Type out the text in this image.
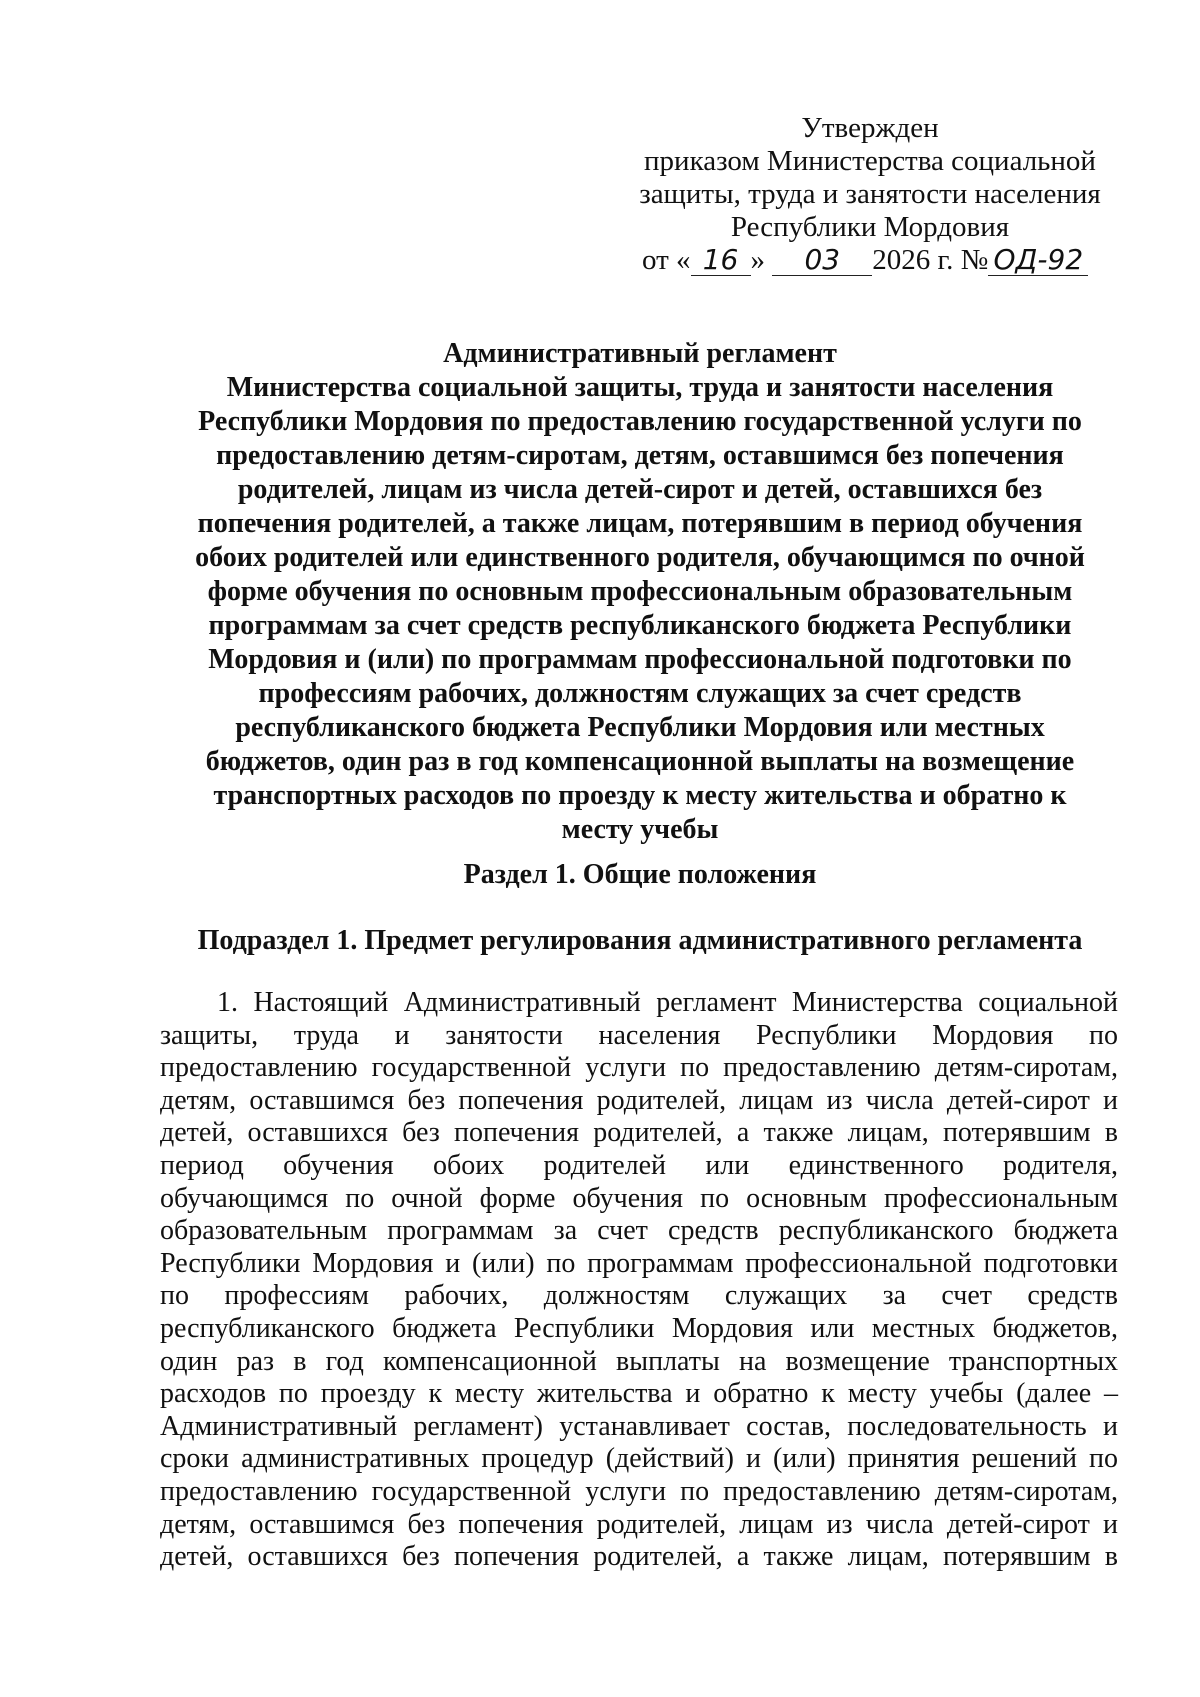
Утвержден
приказом Министерства социальной
защиты, труда и занятости населения
Республики Мордовия
от « 16 » 03 2026 г. № ОД-92
Административный регламент
Министерства социальной защиты, труда и занятости населения
Республики Мордовия по предоставлению государственной услуги по
предоставлению детям-сиротам, детям, оставшимся без попечения
родителей, лицам из числа детей-сирот и детей, оставшихся без
попечения родителей, а также лицам, потерявшим в период обучения
обоих родителей или единственного родителя, обучающимся по очной
форме обучения по основным профессиональным образовательным
программам за счет средств республиканского бюджета Республики
Мордовия и (или) по программам профессиональной подготовки по
профессиям рабочих, должностям служащих за счет средств
республиканского бюджета Республики Мордовия или местных
бюджетов, один раз в год компенсационной выплаты на возмещение
транспортных расходов по проезду к месту жительства и обратно к
месту учебы
Раздел 1. Общие положения
Подраздел 1. Предмет регулирования административного регламента
1. Настоящий Административный регламент Министерства социальной
защиты, труда и занятости населения Республики Мордовия по
предоставлению государственной услуги по предоставлению детям-сиротам,
детям, оставшимся без попечения родителей, лицам из числа детей-сирот и
детей, оставшихся без попечения родителей, а также лицам, потерявшим в
период обучения обоих родителей или единственного родителя,
обучающимся по очной форме обучения по основным профессиональным
образовательным программам за счет средств республиканского бюджета
Республики Мордовия и (или) по программам профессиональной подготовки
по профессиям рабочих, должностям служащих за счет средств
республиканского бюджета Республики Мордовия или местных бюджетов,
один раз в год компенсационной выплаты на возмещение транспортных
расходов по проезду к месту жительства и обратно к месту учебы (далее –
Административный регламент) устанавливает состав, последовательность и
сроки административных процедур (действий) и (или) принятия решений по
предоставлению государственной услуги по предоставлению детям-сиротам,
детям, оставшимся без попечения родителей, лицам из числа детей-сирот и
детей, оставшихся без попечения родителей, а также лицам, потерявшим в
